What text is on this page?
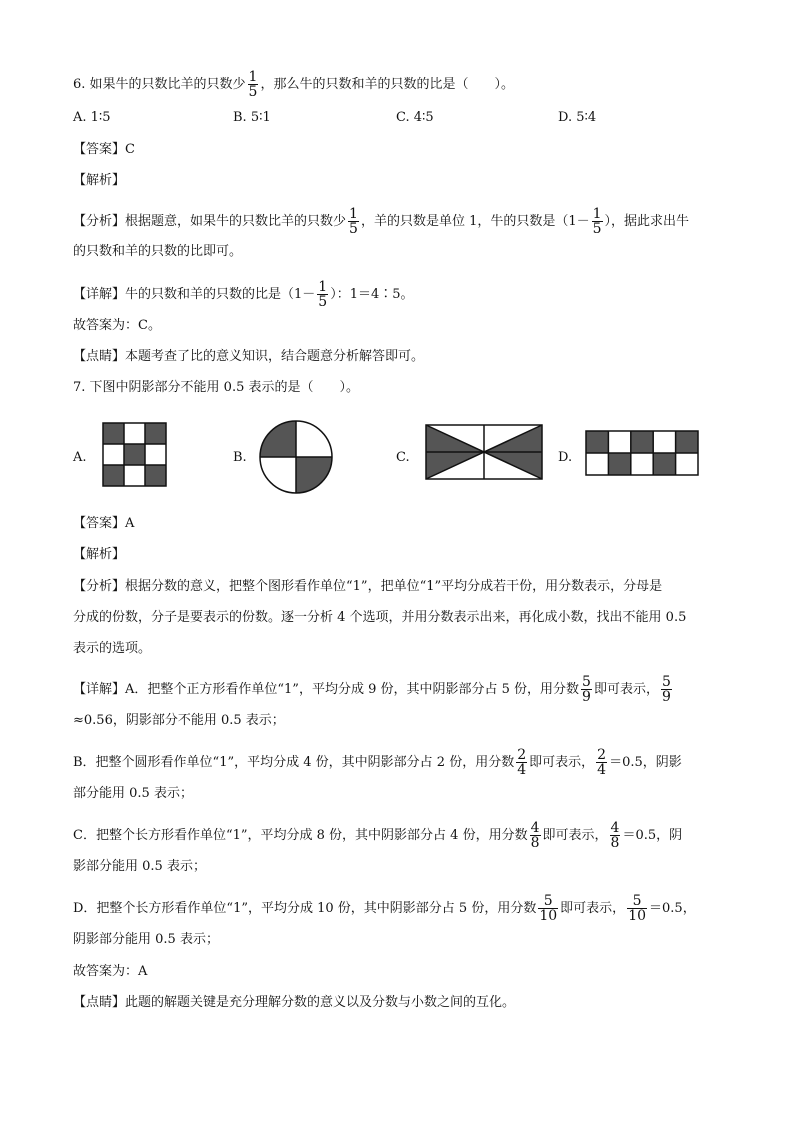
6. 如果牛的只数比羊的只数少 $\frac{1}{5}$ ，那么牛的只数和羊的只数的比是（　　）。
A. 1∶5	B. 5∶1	C. 4∶5	D. 5∶4
【答案】C
【解析】
【分析】根据题意，如果牛的只数比羊的只数少 $\frac{1}{5}$ ，羊的只数是单位 1，牛的只数是（$1- \frac{1}{5}$ ），据此求出牛
的只数和羊的只数的比即可。
【详解】牛的只数和羊的只数的比是（$1- \frac{1}{5}$ ）：1＝4∶5。
故答案为：C。
【点睛】本题考查了比的意义知识，结合题意分析解答即可。
7. 下图中阴影部分不能用 0.5 表示的是（　　）。
A.	B.	C.	D.
【答案】A
【解析】
【分析】根据分数的意义，把整个图形看作单位“1”，把单位“1”平均分成若干份，用分数表示，分母是
分成的份数，分子是要表示的份数。逐一分析 4 个选项，并用分数表示出来，再化成小数，找出不能用 0.5
表示的选项。
【详解】A．把整个正方形看作单位“1”，平均分成 9 份，其中阴影部分占 5 份，用分数 $\frac{5}{9}$ 即可表示， $\frac{5}{9}$
≈0.56，阴影部分不能用 0.5 表示；
B．把整个圆形看作单位“1”，平均分成 4 份，其中阴影部分占 2 份，用分数 $\frac{2}{4}$ 即可表示， $\frac{2}{4} =0.5$，阴影
部分能用 0.5 表示；
C．把整个长方形看作单位“1”，平均分成 8 份，其中阴影部分占 4 份，用分数 $\frac{4}{8}$ 即可表示， $\frac{4}{8} =0.5$，阴
影部分能用 0.5 表示；
D．把整个长方形看作单位“1”，平均分成 10 份，其中阴影部分占 5 份，用分数 $\frac{5}{10}$ 即可表示， $\frac{5}{10} =0.5$，
阴影部分能用 0.5 表示；
故答案为：A
【点睛】此题的解题关键是充分理解分数的意义以及分数与小数之间的互化。
